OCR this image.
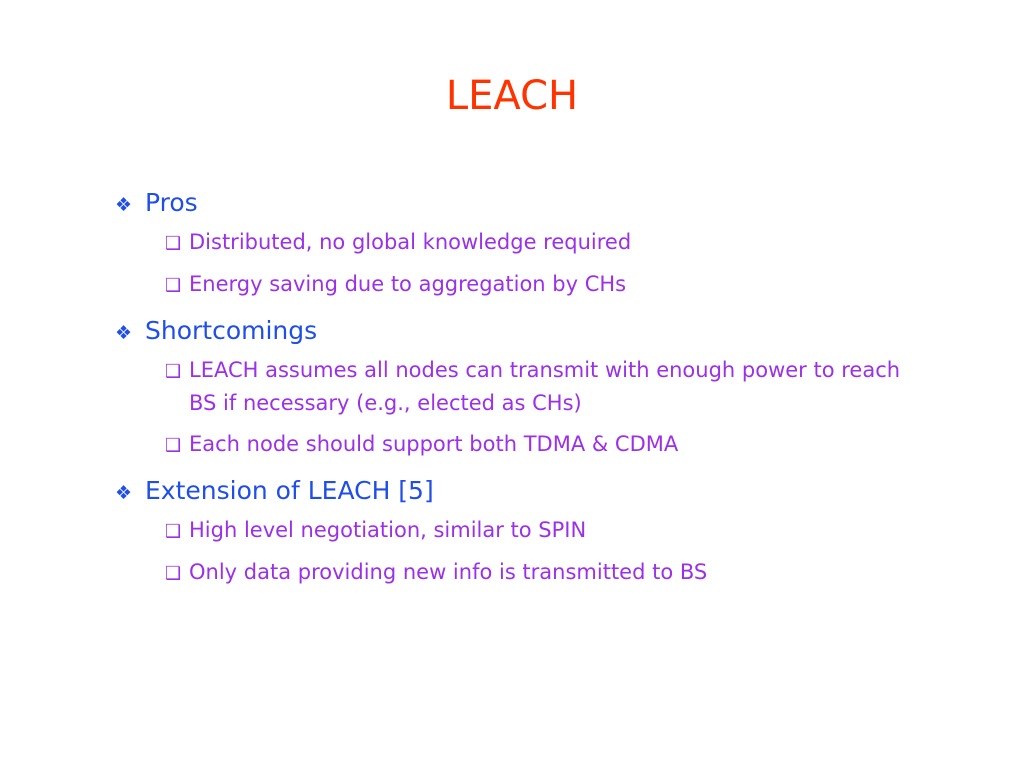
LEACH
❖ Pros
❑ Distributed, no global knowledge required
❑ Energy saving due to aggregation by CHs
❖ Shortcomings
❑ LEACH assumes all nodes can transmit with enough power to reach BS if necessary (e.g., elected as CHs)
❑ Each node should support both TDMA & CDMA
❖ Extension of LEACH [5]
❑ High level negotiation, similar to SPIN
❑ Only data providing new info is transmitted to BS
